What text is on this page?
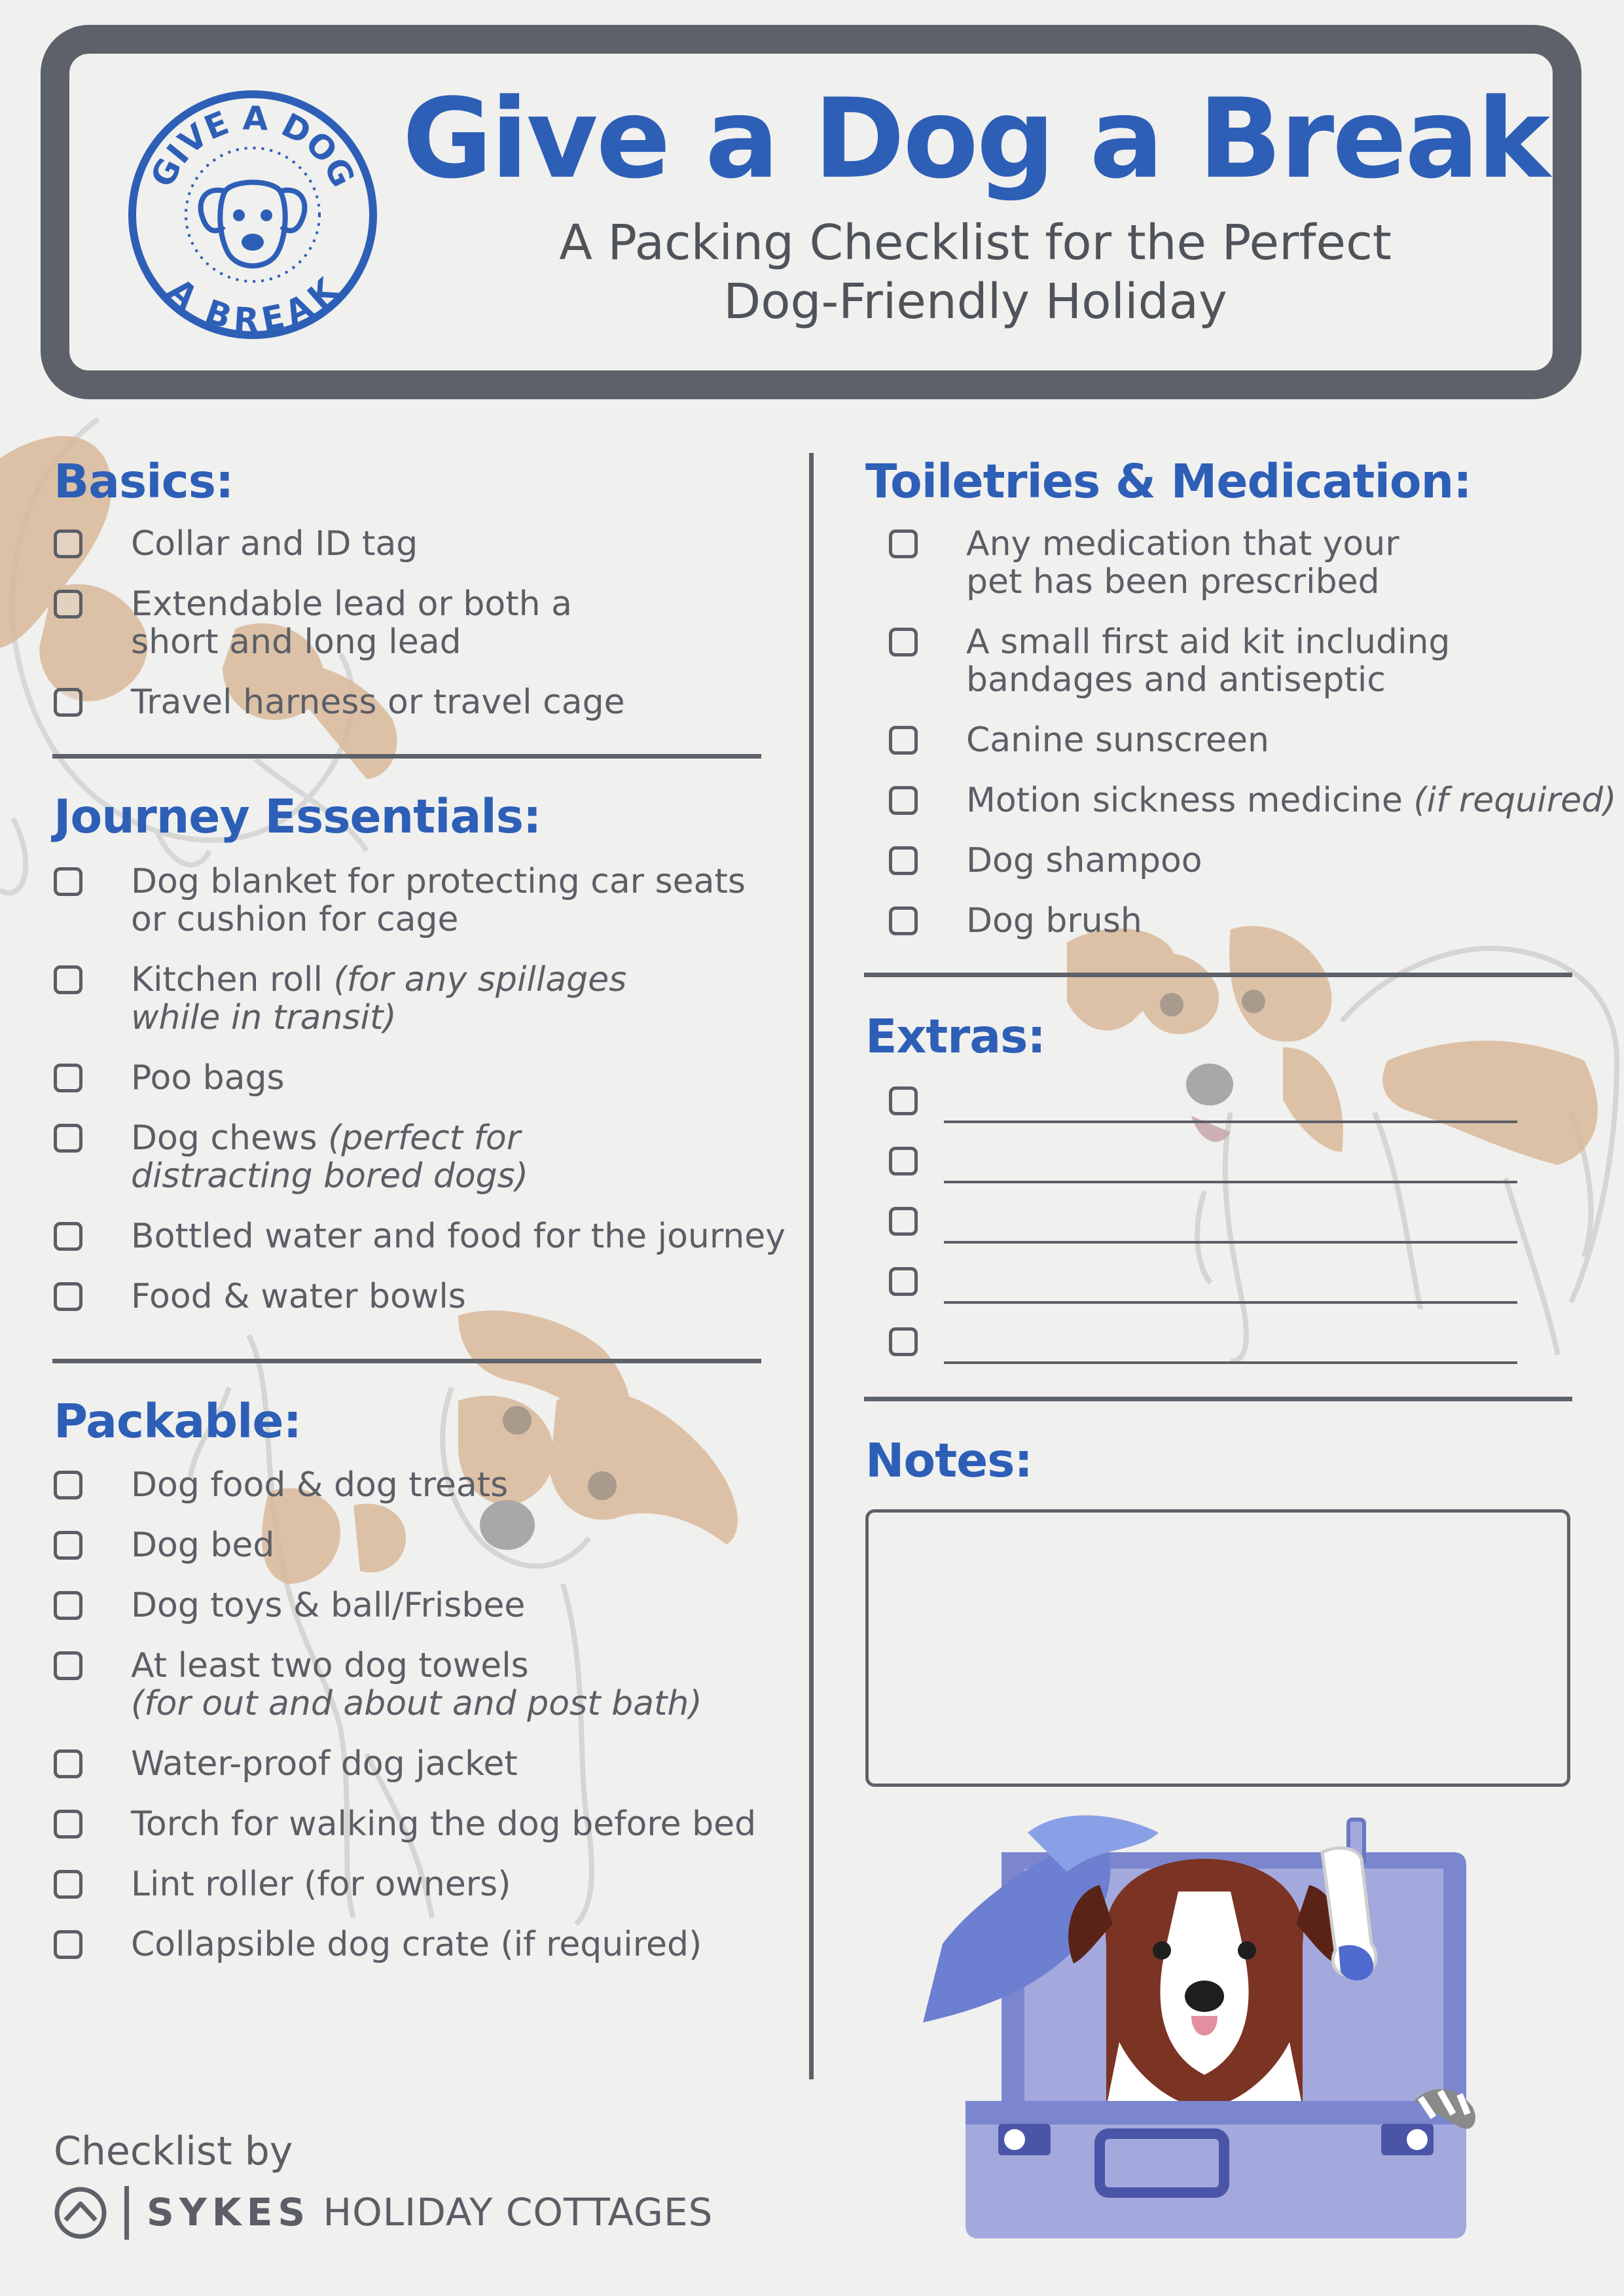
GIVE A DOG
A BREAK
Give a Dog a Break
A Packing Checklist for the Perfect
Dog-Friendly Holiday
Basics:
Collar and ID tag
Extendable lead or both a
short and long lead
Travel harness or travel cage
Journey Essentials:
Dog blanket for protecting car seats
or cushion for cage
Kitchen roll (for any spillages
while in transit)
Poo bags
Dog chews (perfect for
distracting bored dogs)
Bottled water and food for the journey
Food & water bowls
Packable:
Dog food & dog treats
Dog bed
Dog toys & ball/Frisbee
At least two dog towels
(for out and about and post bath)
Water-proof dog jacket
Torch for walking the dog before bed
Lint roller (for owners)
Collapsible dog crate (if required)
Toiletries & Medication:
Any medication that your
pet has been prescribed
A small first aid kit including
bandages and antiseptic
Canine sunscreen
Motion sickness medicine (if required)
Dog shampoo
Dog brush
Extras:
Notes:
Checklist by
SYKES HOLIDAY COTTAGES
